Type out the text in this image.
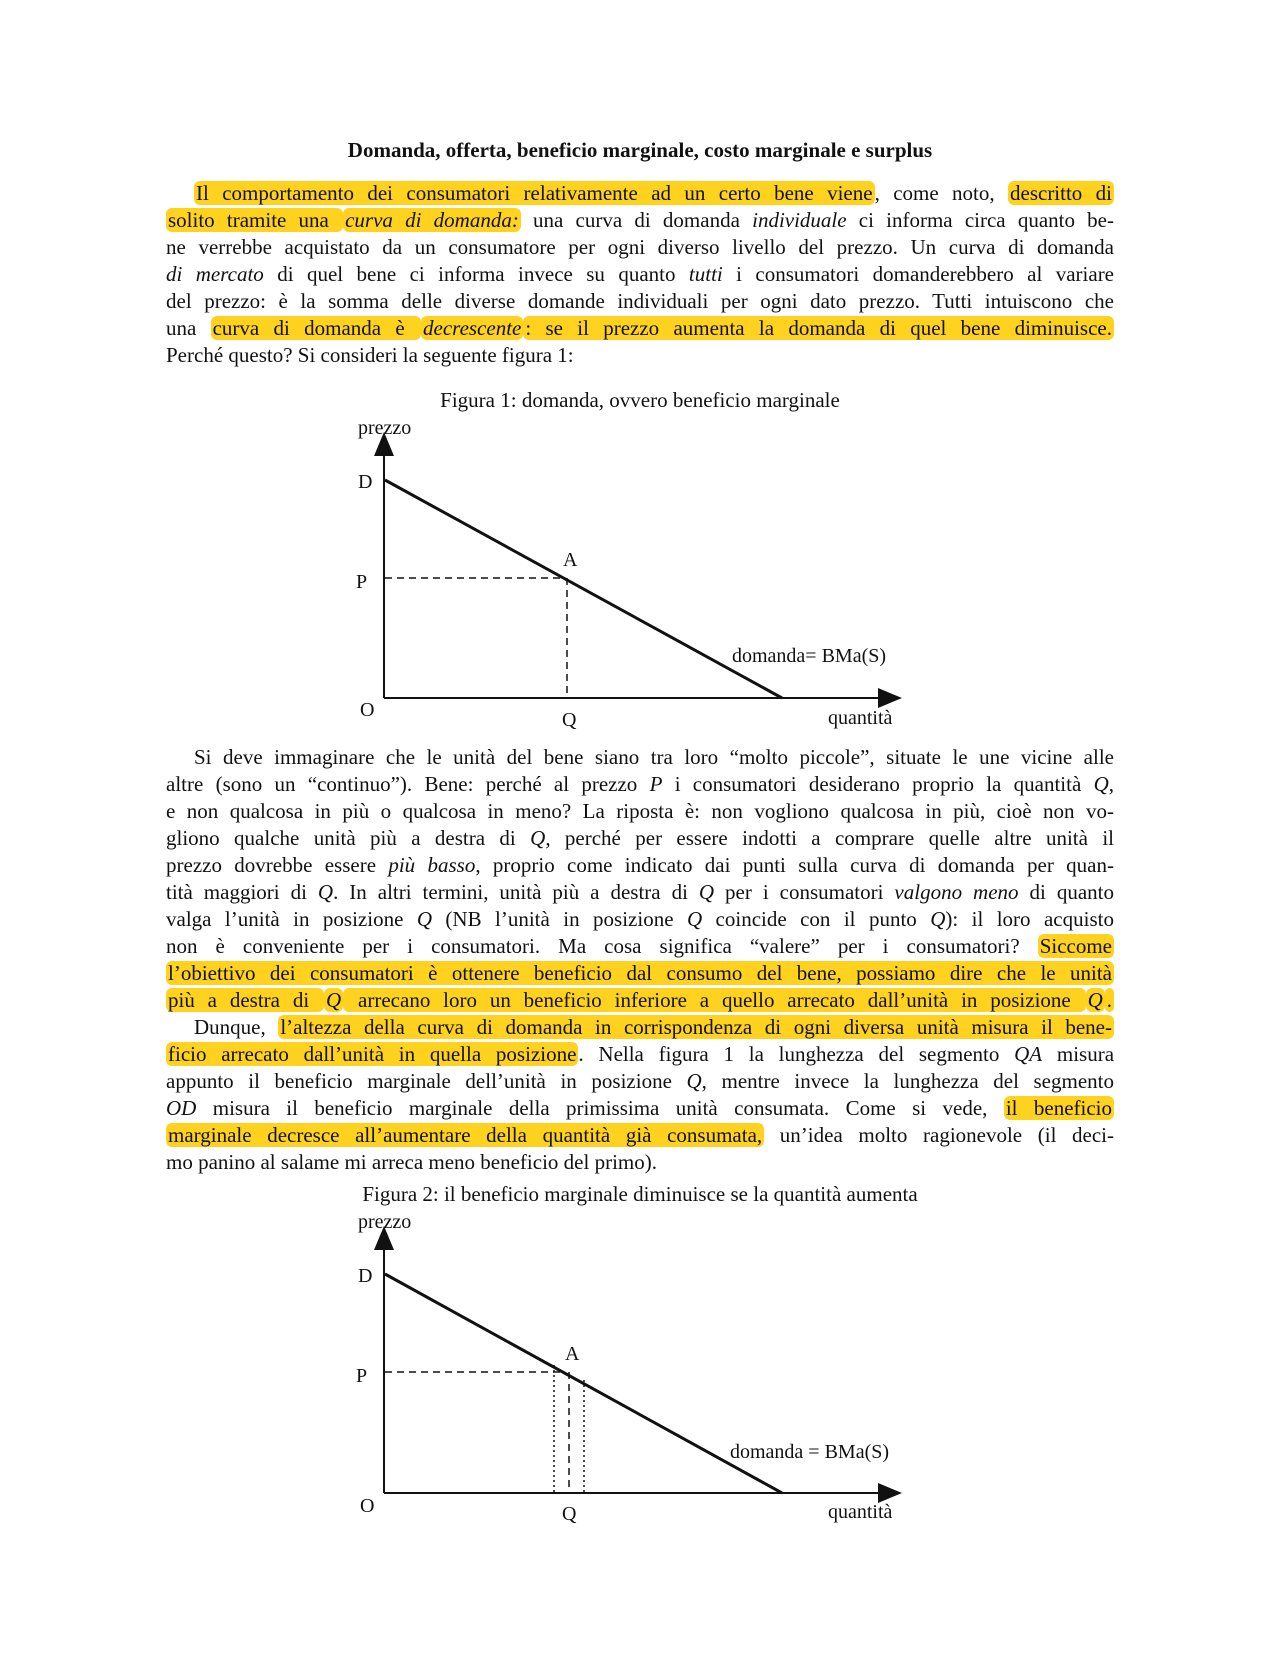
Domanda, offerta, beneficio marginale, costo marginale e surplus
Il comportamento dei consumatori relativamente ad un certo bene viene, come noto, descritto di
solito tramite una curva di domanda: una curva di domanda individuale ci informa circa quanto be-
ne verrebbe acquistato da un consumatore per ogni diverso livello del prezzo. Un curva di domanda
di mercato di quel bene ci informa invece su quanto tutti i consumatori domanderebbero al variare
del prezzo: è la somma delle diverse domande individuali per ogni dato prezzo. Tutti intuiscono che
una curva di domanda è decrescente : se il prezzo aumenta la domanda di quel bene diminuisce.
Perché questo? Si consideri la seguente figura 1:
Figura 1: domanda, ovvero beneficio marginale
prezzo
D
P
A
O	Q	quantità
domanda= BMa(S)
Si deve immaginare che le unità del bene siano tra loro “molto piccole”, situate le une vicine alle
altre (sono un “continuo”). Bene: perché al prezzo P i consumatori desiderano proprio la quantità Q,
e non qualcosa in più o qualcosa in meno? La riposta è: non vogliono qualcosa in più, cioè non vo-
gliono qualche unità più a destra di Q, perché per essere indotti a comprare quelle altre unità il
prezzo dovrebbe essere più basso, proprio come indicato dai punti sulla curva di domanda per quan-
tità maggiori di Q. In altri termini, unità più a destra di Q per i consumatori valgono meno di quanto
valga l’unità in posizione Q (NB l’unità in posizione Q coincide con il punto Q): il loro acquisto
non è conveniente per i consumatori. Ma cosa significa “valere” per i consumatori? Siccome
l’obiettivo dei consumatori è ottenere beneficio dal consumo del bene, possiamo dire che le unità
più a destra di Q arrecano loro un beneficio inferiore a quello arrecato dall’unità in posizione Q .
Dunque, l’altezza della curva di domanda in corrispondenza di ogni diversa unità misura il bene-
ficio arrecato dall’unità in quella posizione. Nella figura 1 la lunghezza del segmento QA misura
appunto il beneficio marginale dell’unità in posizione Q, mentre invece la lunghezza del segmento
OD misura il beneficio marginale della primissima unità consumata. Come si vede, il beneficio
marginale decresce all’aumentare della quantità già consumata, un’idea molto ragionevole (il deci-
mo panino al salame mi arreca meno beneficio del primo).
Figura 2: il beneficio marginale diminuisce se la quantità aumenta
prezzo
D
P
A
O	Q	quantità
domanda = BMa(S)
